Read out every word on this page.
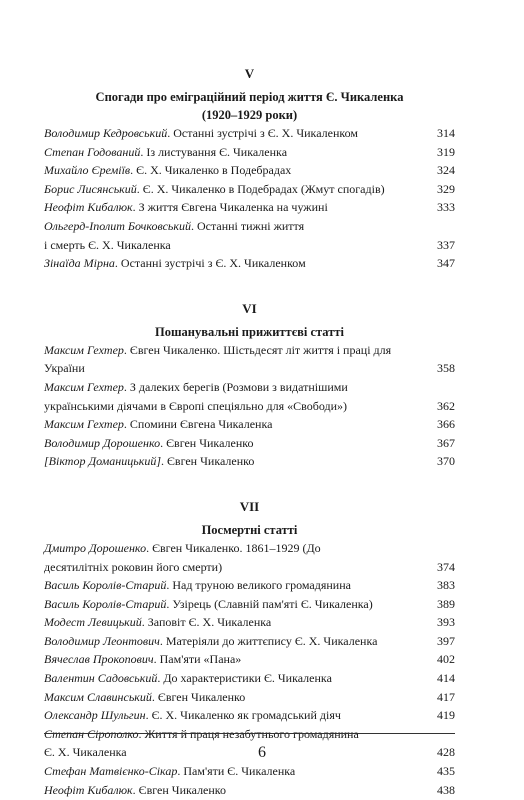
V
Спогади про еміграційний період життя Є. Чикаленка
(1920–1929 роки)
Володимир Кедровський. Останні зустрічі з Є. Х. Чикаленком	314
Степан Годований. Із листування Є. Чикаленка	319
Михайло Єреміїв. Є. Х. Чикаленко в Подебрадах	324
Борис Лисянський. Є. Х. Чикаленко в Подебрадах (Жмут спогадів)	329
Неофіт Кибалюк. З життя Євгена Чикаленка на чужині	333
Ольгерд-Іполит Бочковський. Останні тижні життя
і смерть Є. Х. Чикаленка	337
Зінаїда Мірна. Останні зустрічі з Є. Х. Чикаленком	347
VI
Пошанувальні прижиттєві статті
Максим Гехтер. Євген Чикаленко. Шістьдесят літ життя і праці для України	358
Максим Гехтер. З далеких берегів (Розмови з видатнішими
українськими діячами в Європі спеціяльно для «Свободи»)	362
Максим Гехтер. Спомини Євгена Чикаленка	366
Володимир Дорошенко. Євген Чикаленко	367
[Віктор Доманицький]. Євген Чикаленко	370
VII
Посмертні статті
Дмитро Дорошенко. Євген Чикаленко. 1861–1929 (До
десятилітніх роковин його смерти)	374
Василь Королів-Старий. Над труною великого громадянина	383
Василь Королів-Старий. Узірець (Славній пам'яті Є. Чикаленка)	389
Модест Левицький. Заповіт Є. Х. Чикаленка	393
Володимир Леонтович. Матеріяли до життєпису Є. Х. Чикаленка	397
Вячеслав Прокопович. Пам'яти «Пана»	402
Валентин Садовський. До характеристики Є. Чикаленка	414
Максим Славинський. Євген Чикаленко	417
Олександр Шульгин. Є. Х. Чикаленко як громадський діяч	419
Степан Сірополко. Життя й праця незабутнього громадянина
Є. Х. Чикаленка	428
Стефан Матвієнко-Сікар. Пам'яти Є. Чикаленка	435
Неофіт Кибалюк. Євген Чикаленко	438
6
